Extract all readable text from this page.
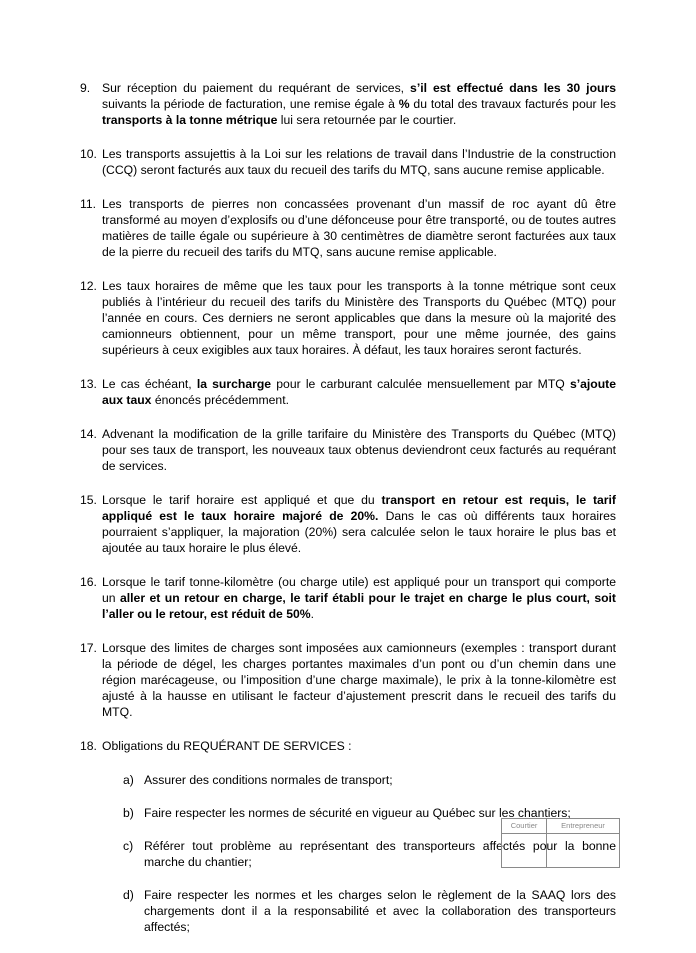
9. Sur réception du paiement du requérant de services, s’il est effectué dans les 30 jours suivants la période de facturation, une remise égale à % du total des travaux facturés pour les transports à la tonne métrique lui sera retournée par le courtier.
10. Les transports assujettis à la Loi sur les relations de travail dans l’Industrie de la construction (CCQ) seront facturés aux taux du recueil des tarifs du MTQ, sans aucune remise applicable.
11. Les transports de pierres non concassées provenant d’un massif de roc ayant dû être transformé au moyen d’explosifs ou d’une défonceuse pour être transporté, ou de toutes autres matières de taille égale ou supérieure à 30 centimètres de diamètre seront facturées aux taux de la pierre du recueil des tarifs du MTQ, sans aucune remise applicable.
12. Les taux horaires de même que les taux pour les transports à la tonne métrique sont ceux publiés à l’intérieur du recueil des tarifs du Ministère des Transports du Québec (MTQ) pour l’année en cours. Ces derniers ne seront applicables que dans la mesure où la majorité des camionneurs obtiennent, pour un même transport, pour une même journée, des gains supérieurs à ceux exigibles aux taux horaires. À défaut, les taux horaires seront facturés.
13. Le cas échéant, la surcharge pour le carburant calculée mensuellement par MTQ s’ajoute aux taux énoncés précédemment.
14. Advenant la modification de la grille tarifaire du Ministère des Transports du Québec (MTQ) pour ses taux de transport, les nouveaux taux obtenus deviendront ceux facturés au requérant de services.
15. Lorsque le tarif horaire est appliqué et que du transport en retour est requis, le tarif appliqué est le taux horaire majoré de 20%. Dans le cas où différents taux horaires pourraient s’appliquer, la majoration (20%) sera calculée selon le taux horaire le plus bas et ajoutée au taux horaire le plus élevé.
16. Lorsque le tarif tonne-kilomètre (ou charge utile) est appliqué pour un transport qui comporte un aller et un retour en charge, le tarif établi pour le trajet en charge le plus court, soit l’aller ou le retour, est réduit de 50%.
17. Lorsque des limites de charges sont imposées aux camionneurs (exemples : transport durant la période de dégel, les charges portantes maximales d’un pont ou d’un chemin dans une région marécageuse, ou l’imposition d’une charge maximale), le prix à la tonne-kilomètre est ajusté à la hausse en utilisant le facteur d’ajustement prescrit dans le recueil des tarifs du MTQ.
18. Obligations du REQUÉRANT DE SERVICES :
a) Assurer des conditions normales de transport;
b) Faire respecter les normes de sécurité en vigueur au Québec sur les chantiers;
c) Référer tout problème au représentant des transporteurs affectés pour la bonne marche du chantier;
d) Faire respecter les normes et les charges selon le règlement de la SAAQ lors des chargements dont il a la responsabilité et avec la collaboration des transporteurs affectés;
Courtier	Entrepreneur
